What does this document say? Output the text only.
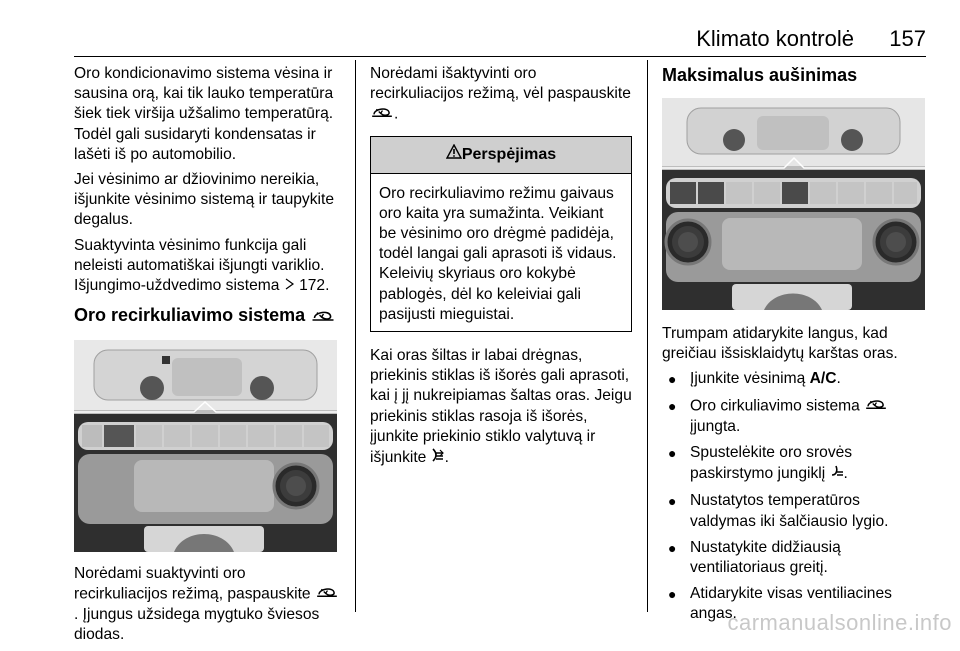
Klimato kontrolė 157

Oro kondicionavimo sistema vėsina ir sausina orą, kai tik lauko temperatūra šiek tiek viršija užšalimo temperatūrą. Todėl gali susidaryti kondensatas ir lašėti iš po automobilio.

Jei vėsinimo ar džiovinimo nereikia, išjunkite vėsinimo sistemą ir taupykite degalus.

Suaktyvinta vėsinimo funkcija gali neleisti automatiškai išjungti variklio. Išjungimo-uždvedimo sistema  172.

Oro recirkuliavimo sistema

Norėdami suaktyvinti oro recirkuliacijos režimą, paspauskite . Įjungus užsidega mygtuko šviesos diodas.

Norėdami išaktyvinti oro recirkuliacijos režimą, vėl paspauskite .

Perspėjimas
Oro recirkuliavimo režimu gaivaus oro kaita yra sumažinta. Veikiant be vėsinimo oro drėgmė padidėja, todėl langai gali aprasoti iš vidaus. Keleivių skyriaus oro kokybė pablogės, dėl ko keleiviai gali pasijusti mieguistai.

Kai oras šiltas ir labai drėgnas, priekinis stiklas iš išorės gali aprasoti, kai į jį nukreipiamas šaltas oras. Jeigu priekinis stiklas rasoja iš išorės, įjunkite priekinio stiklo valytuvą ir išjunkite .

Maksimalus aušinimas

Trumpam atidarykite langus, kad greičiau išsisklaidytų karštas oras.

● Įjunkite vėsinimą A/C.
● Oro cirkuliavimo sistema  įjungta.
● Spustelėkite oro srovės paskirstymo jungiklį .
● Nustatytos temperatūros valdymas iki šalčiausio lygio.
● Nustatykite didžiausią ventiliatoriaus greitį.
● Atidarykite visas ventiliacines angas.
carmanualsonline.info
